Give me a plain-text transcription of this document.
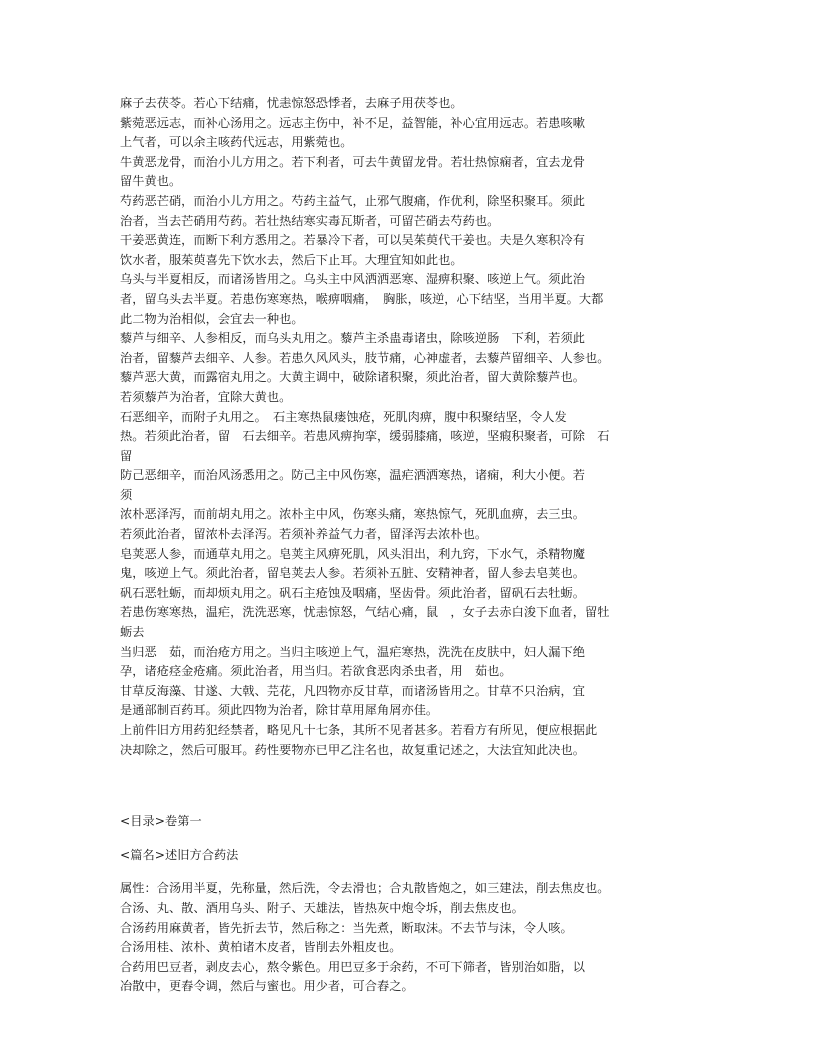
麻子去茯苓。若心下结痛，忧恚惊怒恐悸者，去麻子用茯苓也。
紫菀恶远志，而补心汤用之。远志主伤中，补不足，益智能，补心宜用远志。若患咳嗽
上气者，可以余主咳药代远志，用紫菀也。
牛黄恶龙骨，而治小儿方用之。若下利者，可去牛黄留龙骨。若壮热惊痫者，宜去龙骨
留牛黄也。
芍药恶芒硝，而治小儿方用之。芍药主益气，止邪气腹痛，作优利，除坚积聚耳。须此
治者，当去芒硝用芍药。若壮热结寒实毒瓦斯者，可留芒硝去芍药也。
干姜恶黄连，而断下利方悉用之。若暴冷下者，可以吴茱萸代干姜也。夫是久寒积冷有
饮水者，服茱萸喜先下饮水去，然后下止耳。大理宜知如此也。
乌头与半夏相反，而诸汤皆用之。乌头主中风洒洒恶寒、湿痹积聚、咳逆上气。须此治
者，留乌头去半夏。若患伤寒寒热，喉痹咽痛，　胸胀，咳逆，心下结坚，当用半夏。大都
此二物为治相似，会宜去一种也。
藜芦与细辛、人参相反，而乌头丸用之。藜芦主杀蛊毒诸虫，除咳逆肠　下利，若须此
治者，留藜芦去细辛、人参。若患久风风头，肢节痛，心神虚者，去藜芦留细辛、人参也。
藜芦恶大黄，而露宿丸用之。大黄主调中，破除诸积聚，须此治者，留大黄除藜芦也。
若须藜芦为治者，宜除大黄也。
石恶细辛，而附子丸用之。　石主寒热鼠瘘蚀疮，死肌肉痹，腹中积聚结坚，令人发
热。若须此治者，留　石去细辛。若患风痹拘挛，缓弱膝痛，咳逆，坚瘕积聚者，可除　石
留
防己恶细辛，而治风汤悉用之。防己主中风伤寒，温疟洒洒寒热，诸痫，利大小便。若
须
浓朴恶泽泻，而前胡丸用之。浓朴主中风，伤寒头痛，寒热惊气，死肌血痹，去三虫。
若须此治者，留浓朴去泽泻。若须补养益气力者，留泽泻去浓朴也。
皂荚恶人参，而通草丸用之。皂荚主风痹死肌，风头泪出，利九窍，下水气，杀精物魔
鬼，咳逆上气。须此治者，留皂荚去人参。若须补五脏、安精神者，留人参去皂荚也。
矾石恶牡蛎，而却烦丸用之。矾石主疮蚀及咽痛，坚齿骨。须此治者，留矾石去牡蛎。
若患伤寒寒热，温疟，洗洗恶寒，忧恚惊怒，气结心痛，鼠　，女子去赤白浚下血者，留牡
蛎去
当归恶　茹，而治疮方用之。当归主咳逆上气，温疟寒热，洗洗在皮肤中，妇人漏下绝
孕，诸疮痉金疮痛。须此治者，用当归。若欲食恶肉杀虫者，用　茹也。
甘草反海藻、甘遂、大戟、芫花，凡四物亦反甘草，而诸汤皆用之。甘草不只治病，宜
是通部制百药耳。须此四物为治者，除甘草用犀角屑亦佳。
上前件旧方用药犯经禁者，略见凡十七条，其所不见者甚多。若看方有所见，便应根据此
决却除之，然后可服耳。药性要物亦已甲乙注名也，故复重记述之，大法宜知此决也。
<目录>卷第一
<篇名>述旧方合药法
属性：合汤用半夏，先称量，然后洗，令去滑也；合丸散皆炮之，如三建法，削去焦皮也。
合汤、丸、散、酒用乌头、附子、天雄法，皆热灰中炮令坼，削去焦皮也。
合汤药用麻黄者，皆先折去节，然后称之：当先煮，断取沫。不去节与沫，令人咳。
合汤用桂、浓朴、黄柏诸木皮者，皆削去外粗皮也。
合药用巴豆者，剥皮去心，熬令紫色。用巴豆多于余药，不可下筛者，皆别治如脂，以
冶散中，更舂令调，然后与蜜也。用少者，可合舂之。
